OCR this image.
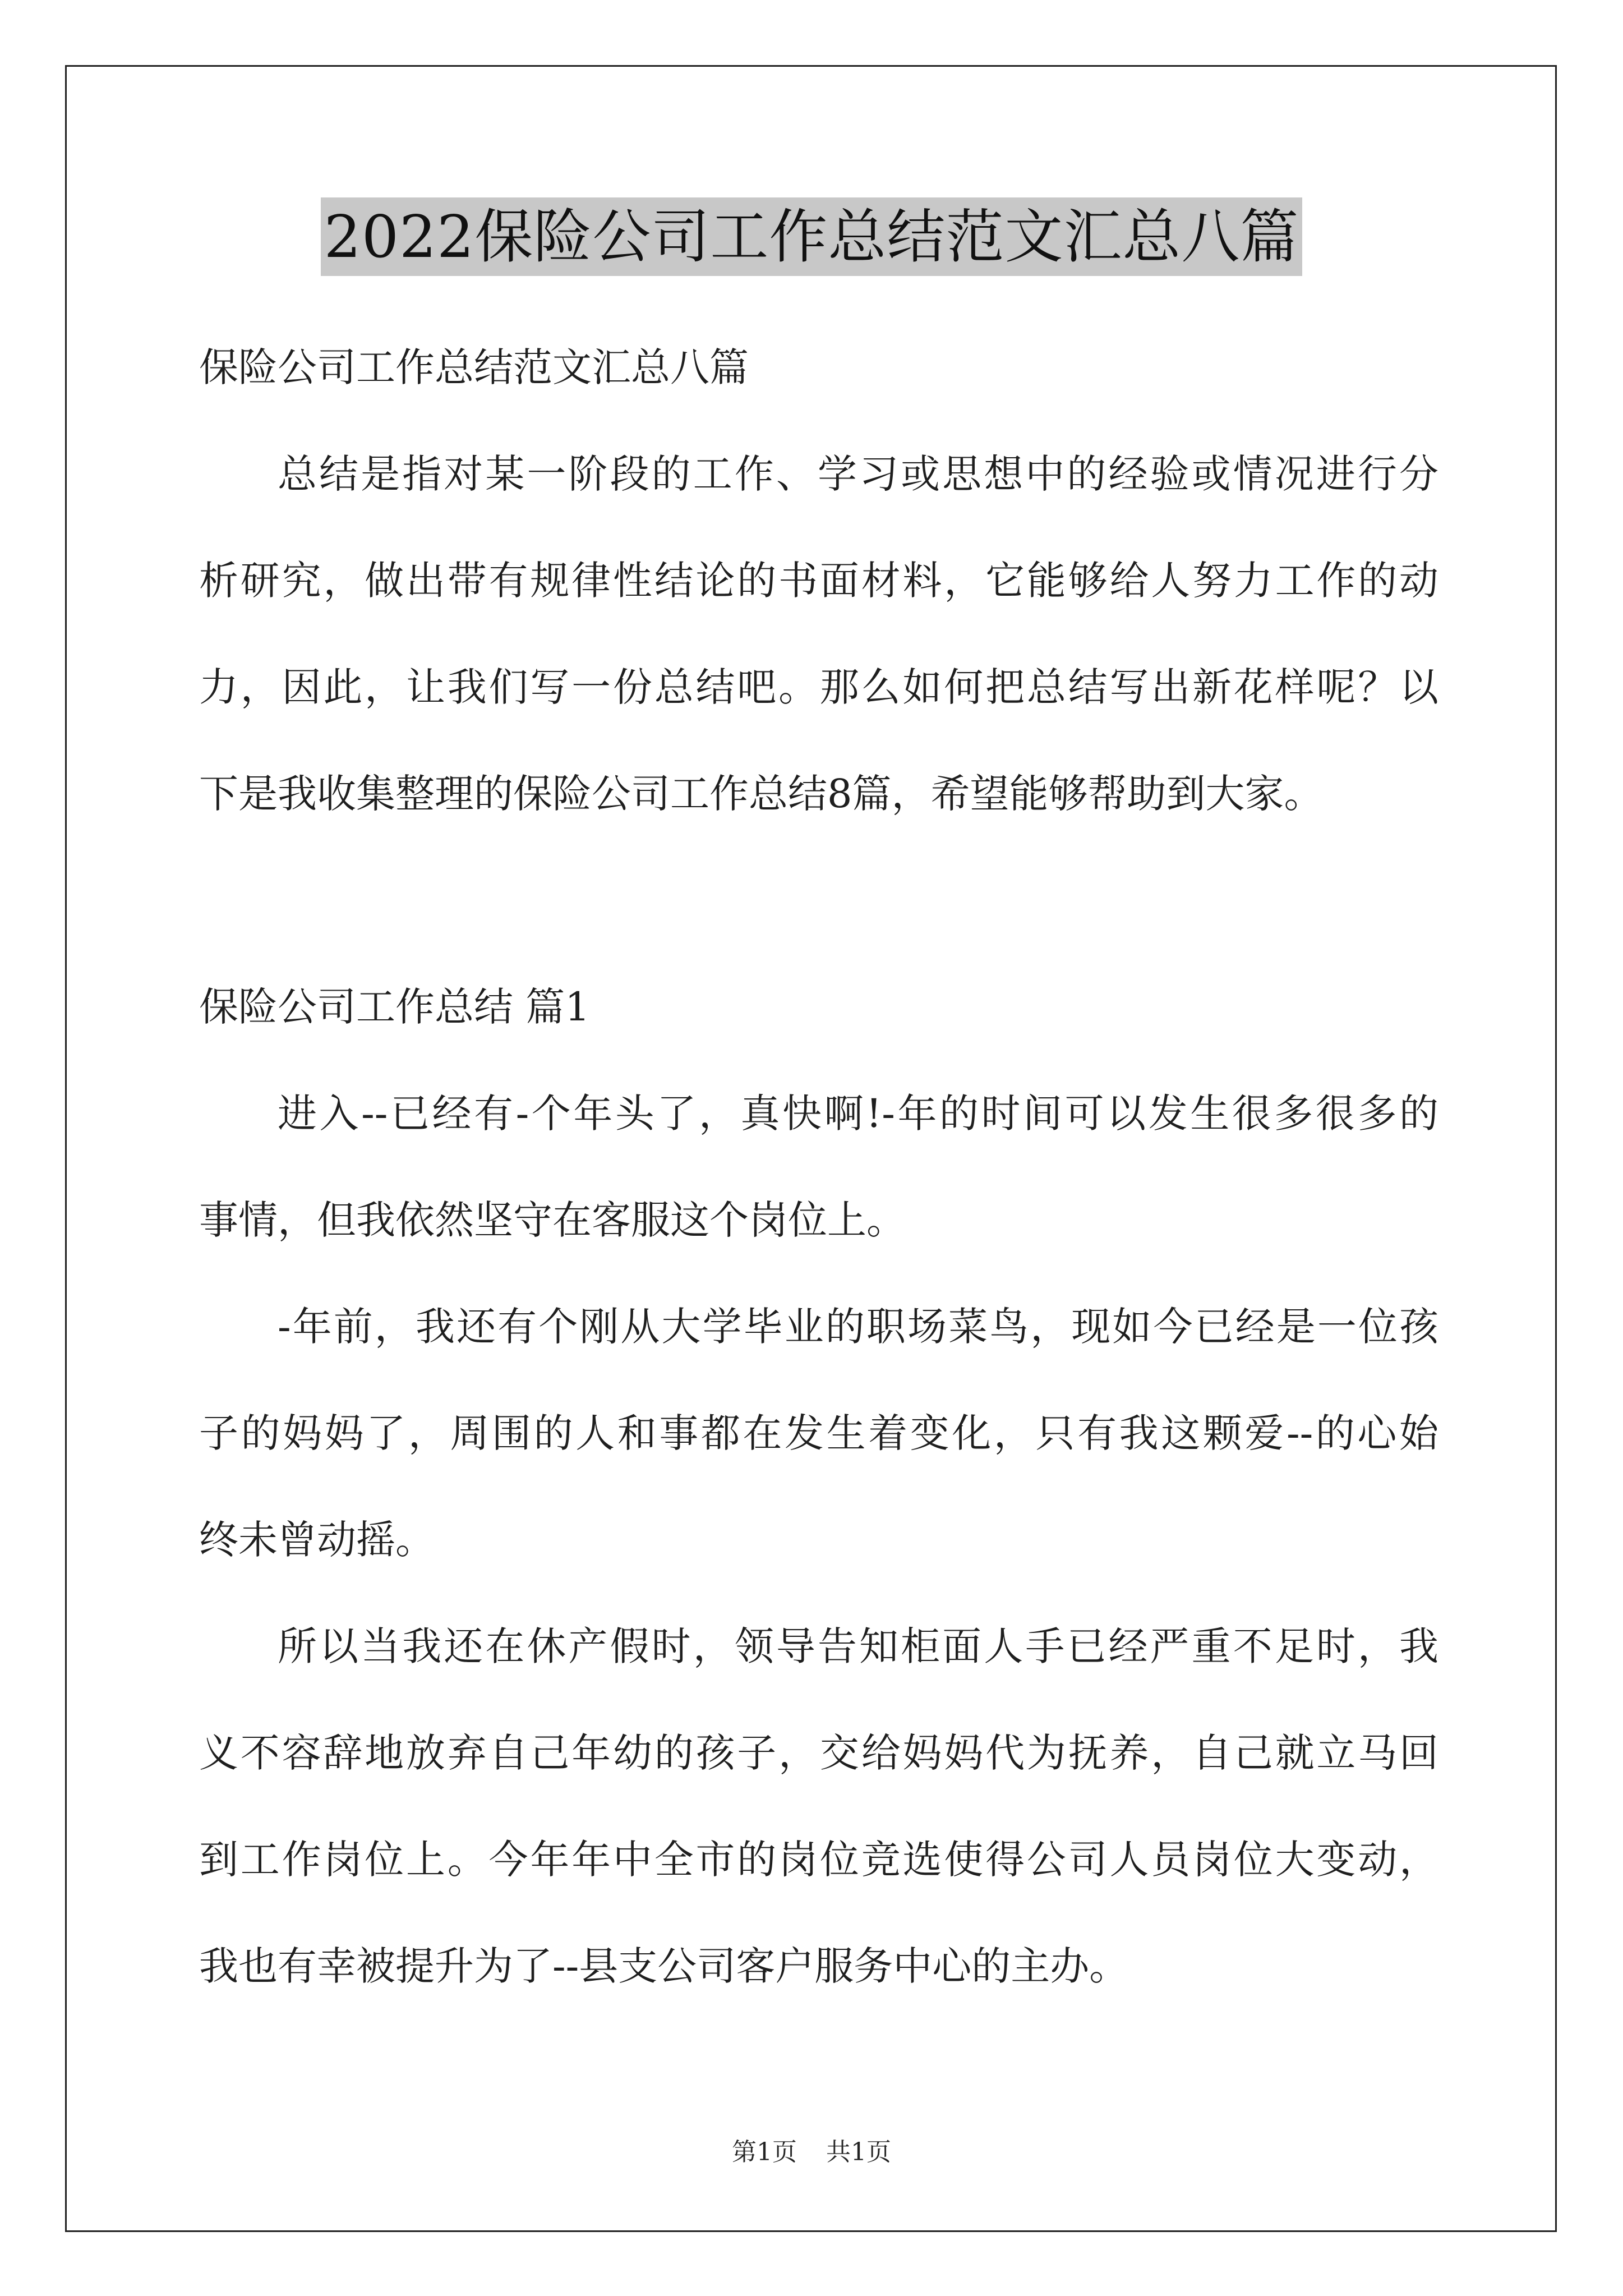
2022保险公司工作总结范文汇总八篇
保险公司工作总结范文汇总八篇
总结是指对某一阶段的工作、学习或思想中的经验或情况进行分
析研究，做出带有规律性结论的书面材料，它能够给人努力工作的动
力，因此，让我们写一份总结吧。那么如何把总结写出新花样呢？以
下是我收集整理的保险公司工作总结8篇，希望能够帮助到大家。
保险公司工作总结 篇1
进入--已经有-个年头了，真快啊!-年的时间可以发生很多很多的
事情，但我依然坚守在客服这个岗位上。
-年前，我还有个刚从大学毕业的职场菜鸟，现如今已经是一位孩
子的妈妈了，周围的人和事都在发生着变化，只有我这颗爱--的心始
终未曾动摇。
所以当我还在休产假时，领导告知柜面人手已经严重不足时，我
义不容辞地放弃自己年幼的孩子，交给妈妈代为抚养，自己就立马回
到工作岗位上。今年年中全市的岗位竞选使得公司人员岗位大变动，
我也有幸被提升为了--县支公司客户服务中心的主办。
第1页 共1页
